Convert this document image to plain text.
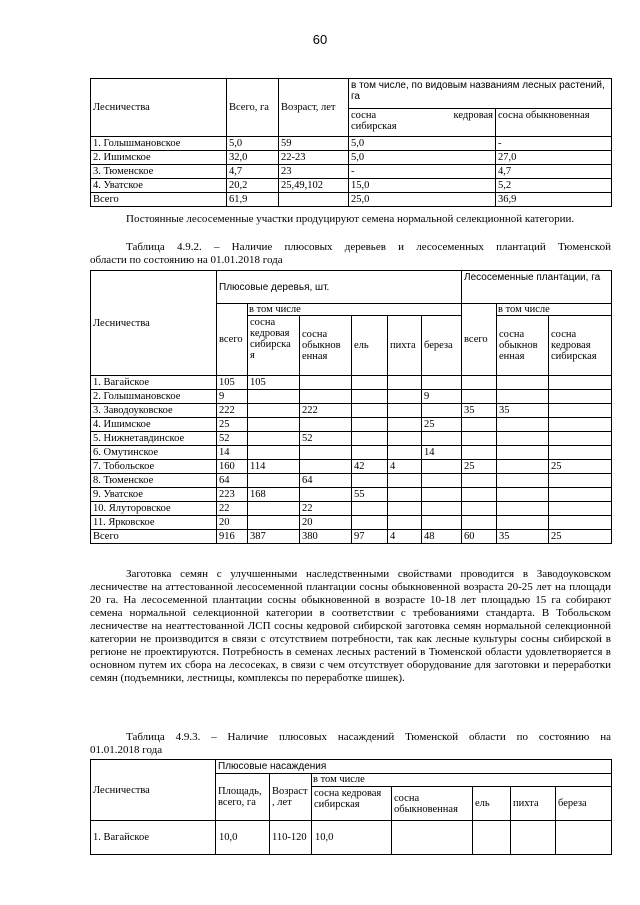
60
Лесничества	Всего, га	Возраст, лет	в том числе, по видовым названиям лесных растений, га	

			сосна кедровая
сибирская	сосна обыкновенная
1. Голышмановское	5,0	59	5,0	-
2. Ишимское	32,0	22-23	5,0	27,0
3. Тюменское	4,7	23	-	4,7
4. Уватское	20,2	25,49,102	15,0	5,2
Всего	61,9		25,0	36,9
Постоянные лесосеменные участки продуцируют семена нормальной селекционной категории.
Таблица 4.9.2. – Наличие плюсовых деревьев и лесосеменных плантаций Тюменской
области по состоянию на 01.01.2018 года
Лесничества	Плюсовые деревья, шт.						Лесосеменные плантации, га		
	всего	в том числе					всего	в том числе	
		сосна кедровая сибирска я	сосна обыкнов енная	ель	пихта	береза		сосна обыкнов енная	сосна кедровая сибирская
1. Вагайское	105	105							
2. Голышмановское	9					9			
3. Заводоуковское	222		222				35	35	
4. Ишимское	25					25			
5. Нижнетавдинское	52		52						
6. Омутинское	14					14			
7. Тобольское	160	114		42	4		25		25
8. Тюменское	64		64						
9. Уватское	223	168		55					
10. Ялуторовское	22		22						
11. Ярковское	20		20						
Всего	916	387	380	97	4	48	60	35	25
Заготовка семян с улучшенными наследственными свойствами проводится в Заводоуковском лесничестве на аттестованной лесосеменной плантации сосны обыкновенной возраста 20-25 лет на площади 20 га. На лесосеменной плантации сосны обыкновенной в возрасте 10-18 лет площадью 15 га собирают семена нормальной селекционной категории в соответствии с требованиями стандарта. В Тобольском лесничестве на неаттестованной ЛСП сосны кедровой сибирской заготовка семян нормальной селекционной категории не производится в связи с отсутствием потребности, так как лесные культуры сосны сибирской в регионе не проектируются. Потребность в семенах лесных растений в Тюменской области удовлетворяется в основном путем их сбора на лесосеках, в связи с чем отсутствует оборудование для заготовки и переработки семян (подъемники, лестницы, комплексы по переработке шишек).
Таблица 4.9.3. – Наличие плюсовых насаждений Тюменской области по состоянию на
01.01.2018 года
Лесничества	Плюсовые насаждения						
	Площадь, всего, га	Возраст , лет	в том числе				
			сосна кедровая сибирская	сосна обыкновенная	ель	пихта	береза
1. Вагайское	10,0	110-120	10,0				
